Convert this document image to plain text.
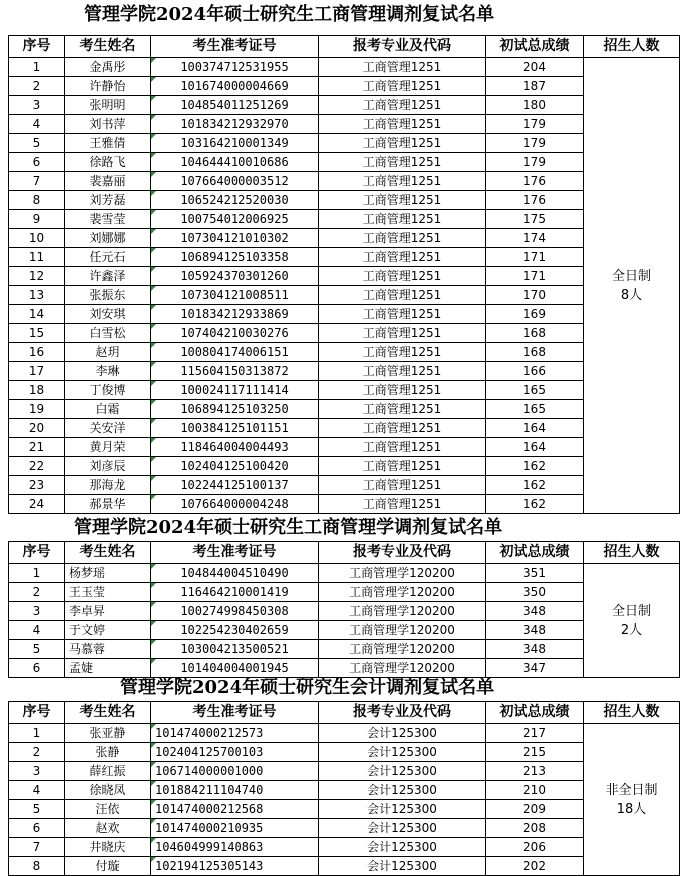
管理学院2024年硕士研究生工商管理调剂复试名单
序号	考生姓名	考生准考证号	报考专业及代码	初试总成绩	招生人数
1	金禹彤	100374712531955	工商管理1251	204	全日制
8人

2	许静怡	101674000004669	工商管理1251	187	
3	张明明	104854011251269	工商管理1251	180	
4	刘书萍	101834212932970	工商管理1251	179	
5	王雅倩	103164210001349	工商管理1251	179	
6	徐路飞	104644410010686	工商管理1251	179	
7	裴嘉丽	107664000003512	工商管理1251	176	
8	刘芳磊	106524212520030	工商管理1251	176	
9	裴雪莹	100754012006925	工商管理1251	175	
10	刘娜娜	107304121010302	工商管理1251	174	
11	任元石	106894125103358	工商管理1251	171	
12	许鑫泽	105924370301260	工商管理1251	171	
13	张振东	107304121008511	工商管理1251	170	
14	刘安琪	101834212933869	工商管理1251	169	
15	白雪松	107404210030276	工商管理1251	168	
16	赵玥	100804174006151	工商管理1251	168	
17	李琳	115604150313872	工商管理1251	166	
18	丁俊博	100024117111414	工商管理1251	165	
19	白霜	106894125103250	工商管理1251	165	
20	关安洋	100384125101151	工商管理1251	164	
21	黄月荣	118464004004493	工商管理1251	164	
22	刘彦辰	102404125100420	工商管理1251	162	
23	那海龙	102244125100137	工商管理1251	162	
24	郝景华	107664000004248	工商管理1251	162	
管理学院2024年硕士研究生工商管理学调剂复试名单
序号	考生姓名	考生准考证号	报考专业及代码	初试总成绩	招生人数
1	杨梦瑶	104844004510490	工商管理学120200	351	全日制
2人

2	王玉莹	116464210001419	工商管理学120200	350	
3	李卓昇	100274998450308	工商管理学120200	348	
4	于文婷	102254230402659	工商管理学120200	348	
5	马慕蓉	103004213500521	工商管理学120200	348	
6	孟婕	101404004001945	工商管理学120200	347	
管理学院2024年硕士研究生会计调剂复试名单
序号	考生姓名	考生准考证号	报考专业及代码	初试总成绩	招生人数
1	张亚静	101474000212573	会计125300	217	非全日制
18人

2	张静	102404125700103	会计125300	215	
3	薛红振	106714000001000	会计125300	213	
4	徐晓凤	101884211104740	会计125300	210	
5	汪依	101474000212568	会计125300	209	
6	赵欢	101474000210935	会计125300	208	
7	井晓庆	104604999140863	会计125300	206	
8	付璇	102194125305143	会计125300	202	
